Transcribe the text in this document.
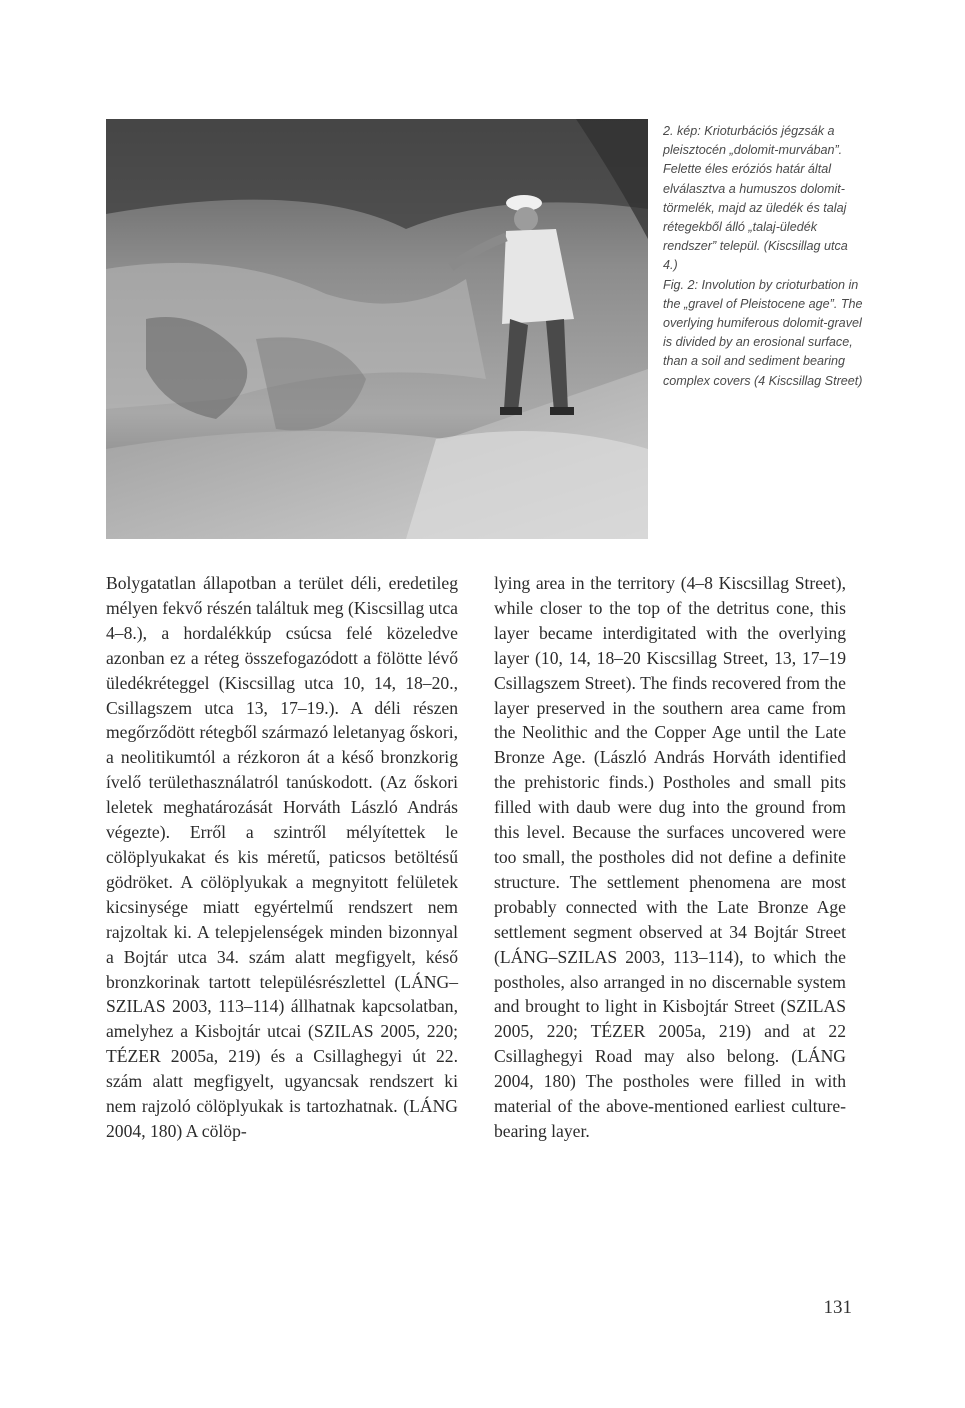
2. kép: Krioturbációs jégzsák a pleisztocén „dolomit-murvában”. Felette éles eróziós határ által elválasztva a humuszos dolomit-törmelék, majd az üledék és talaj rétegekből álló „talaj-üledék rendszer” települ. (Kiscsillag utca 4.)

Fig. 2: Involution by crioturbation in the „gravel of Pleistocene age”. The overlying humiferous dolomit-gravel is divided by an erosional surface, than a soil and sediment bearing complex covers (4 Kiscsillag Street)

Bolygatatlan állapotban a terület déli, eredetileg mélyen fekvő részén találtuk meg (Kiscsillag utca 4–8.), a hordalékkúp csúcsa felé közeledve azonban ez a réteg összefogazódott a fölötte lévő üledékréteggel (Kiscsillag utca 10, 14, 18–20., Csillagszem utca 13, 17–19.). A déli részen megőrződött rétegből származó leletanyag őskori, a neolitikumtól a rézkoron át a késő bronzkorig ívelő területhasználatról tanúskodott. (Az őskori leletek meghatározását Horváth László András végezte). Erről a szintről mélyítettek le cölöplyukakat és kis méretű, paticsos betöltésű gödröket. A cölöplyukak a megnyitott felületek kicsinysége miatt egyértelmű rendszert nem rajzoltak ki. A telepjelenségek minden bizonnyal a Bojtár utca 34. szám alatt megfigyelt, késő bronzkorinak tartott településrészlettel (LÁNG–SZILAS 2003, 113–114) állhatnak kapcsolatban, amelyhez a Kisbojtár utcai (SZILAS 2005, 220; TÉZER 2005a, 219) és a Csillaghegyi út 22. szám alatt megfigyelt, ugyancsak rendszert ki nem rajzoló cölöplyukak is tartozhatnak. (LÁNG 2004, 180) A cölöp-

lying area in the territory (4–8 Kiscsillag Street), while closer to the top of the detritus cone, this layer became interdigitated with the overlying layer (10, 14, 18–20 Kiscsillag Street, 13, 17–19 Csillagszem Street). The finds recovered from the layer preserved in the southern area came from the Neolithic and the Copper Age until the Late Bronze Age. (László András Horváth identified the prehistoric finds.) Postholes and small pits filled with daub were dug into the ground from this level. Because the surfaces uncovered were too small, the postholes did not define a definite structure. The settlement phenomena are most probably connected with the Late Bronze Age settlement segment observed at 34 Bojtár Street (LÁNG–SZILAS 2003, 113–114), to which the postholes, also arranged in no discernable system and brought to light in Kisbojtár Street (SZILAS 2005, 220; TÉZER 2005a, 219) and at 22 Csillaghegyi Road may also belong. (LÁNG 2004, 180) The postholes were filled in with material of the above-mentioned earliest culture-bearing layer.

131
